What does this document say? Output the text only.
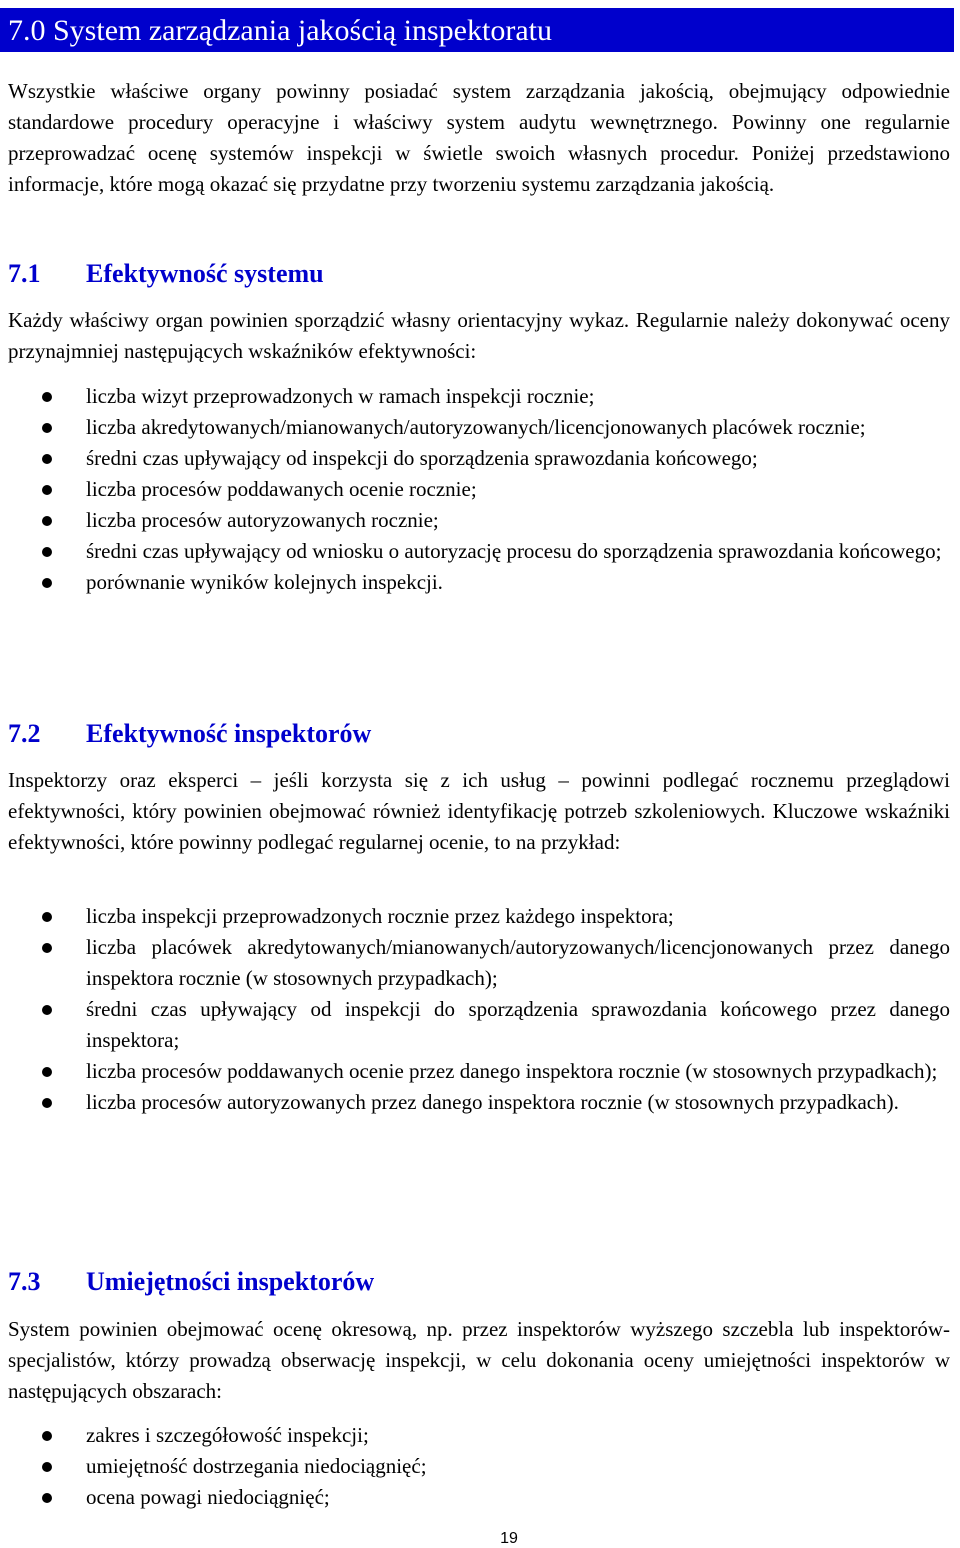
7.0 System zarządzania jakością inspektoratu

Wszystkie właściwe organy powinny posiadać system zarządzania jakością, obejmujący odpowiednie standardowe procedury operacyjne i właściwy system audytu wewnętrznego. Powinny one regularnie przeprowadzać ocenę systemów inspekcji w świetle swoich własnych procedur. Poniżej przedstawiono informacje, które mogą okazać się przydatne przy tworzeniu systemu zarządzania jakością.

7.1 Efektywność systemu

Każdy właściwy organ powinien sporządzić własny orientacyjny wykaz. Regularnie należy dokonywać oceny przynajmniej następujących wskaźników efektywności:

liczba wizyt przeprowadzonych w ramach inspekcji rocznie;
liczba akredytowanych/mianowanych/autoryzowanych/licencjonowanych placówek rocznie;
średni czas upływający od inspekcji do sporządzenia sprawozdania końcowego;
liczba procesów poddawanych ocenie rocznie;
liczba procesów autoryzowanych rocznie;
średni czas upływający od wniosku o autoryzację procesu do sporządzenia sprawozdania końcowego;
porównanie wyników kolejnych inspekcji.
7.2 Efektywność inspektorów

Inspektorzy oraz eksperci – jeśli korzysta się z ich usług – powinni podlegać rocznemu przeglądowi efektywności, który powinien obejmować również identyfikację potrzeb szkoleniowych. Kluczowe wskaźniki efektywności, które powinny podlegać regularnej ocenie, to na przykład:

liczba inspekcji przeprowadzonych rocznie przez każdego inspektora;
liczba placówek akredytowanych/mianowanych/autoryzowanych/licencjonowanych przez danego inspektora rocznie (w stosownych przypadkach);
średni czas upływający od inspekcji do sporządzenia sprawozdania końcowego przez danego inspektora;
liczba procesów poddawanych ocenie przez danego inspektora rocznie (w stosownych przypadkach);
liczba procesów autoryzowanych przez danego inspektora rocznie (w stosownych przypadkach).
7.3 Umiejętności inspektorów

System powinien obejmować ocenę okresową, np. przez inspektorów wyższego szczebla lub inspektorów-specjalistów, którzy prowadzą obserwację inspekcji, w celu dokonania oceny umiejętności inspektorów w następujących obszarach:

zakres i szczegółowość inspekcji;
umiejętność dostrzegania niedociągnięć;
ocena powagi niedociągnięć;
19
